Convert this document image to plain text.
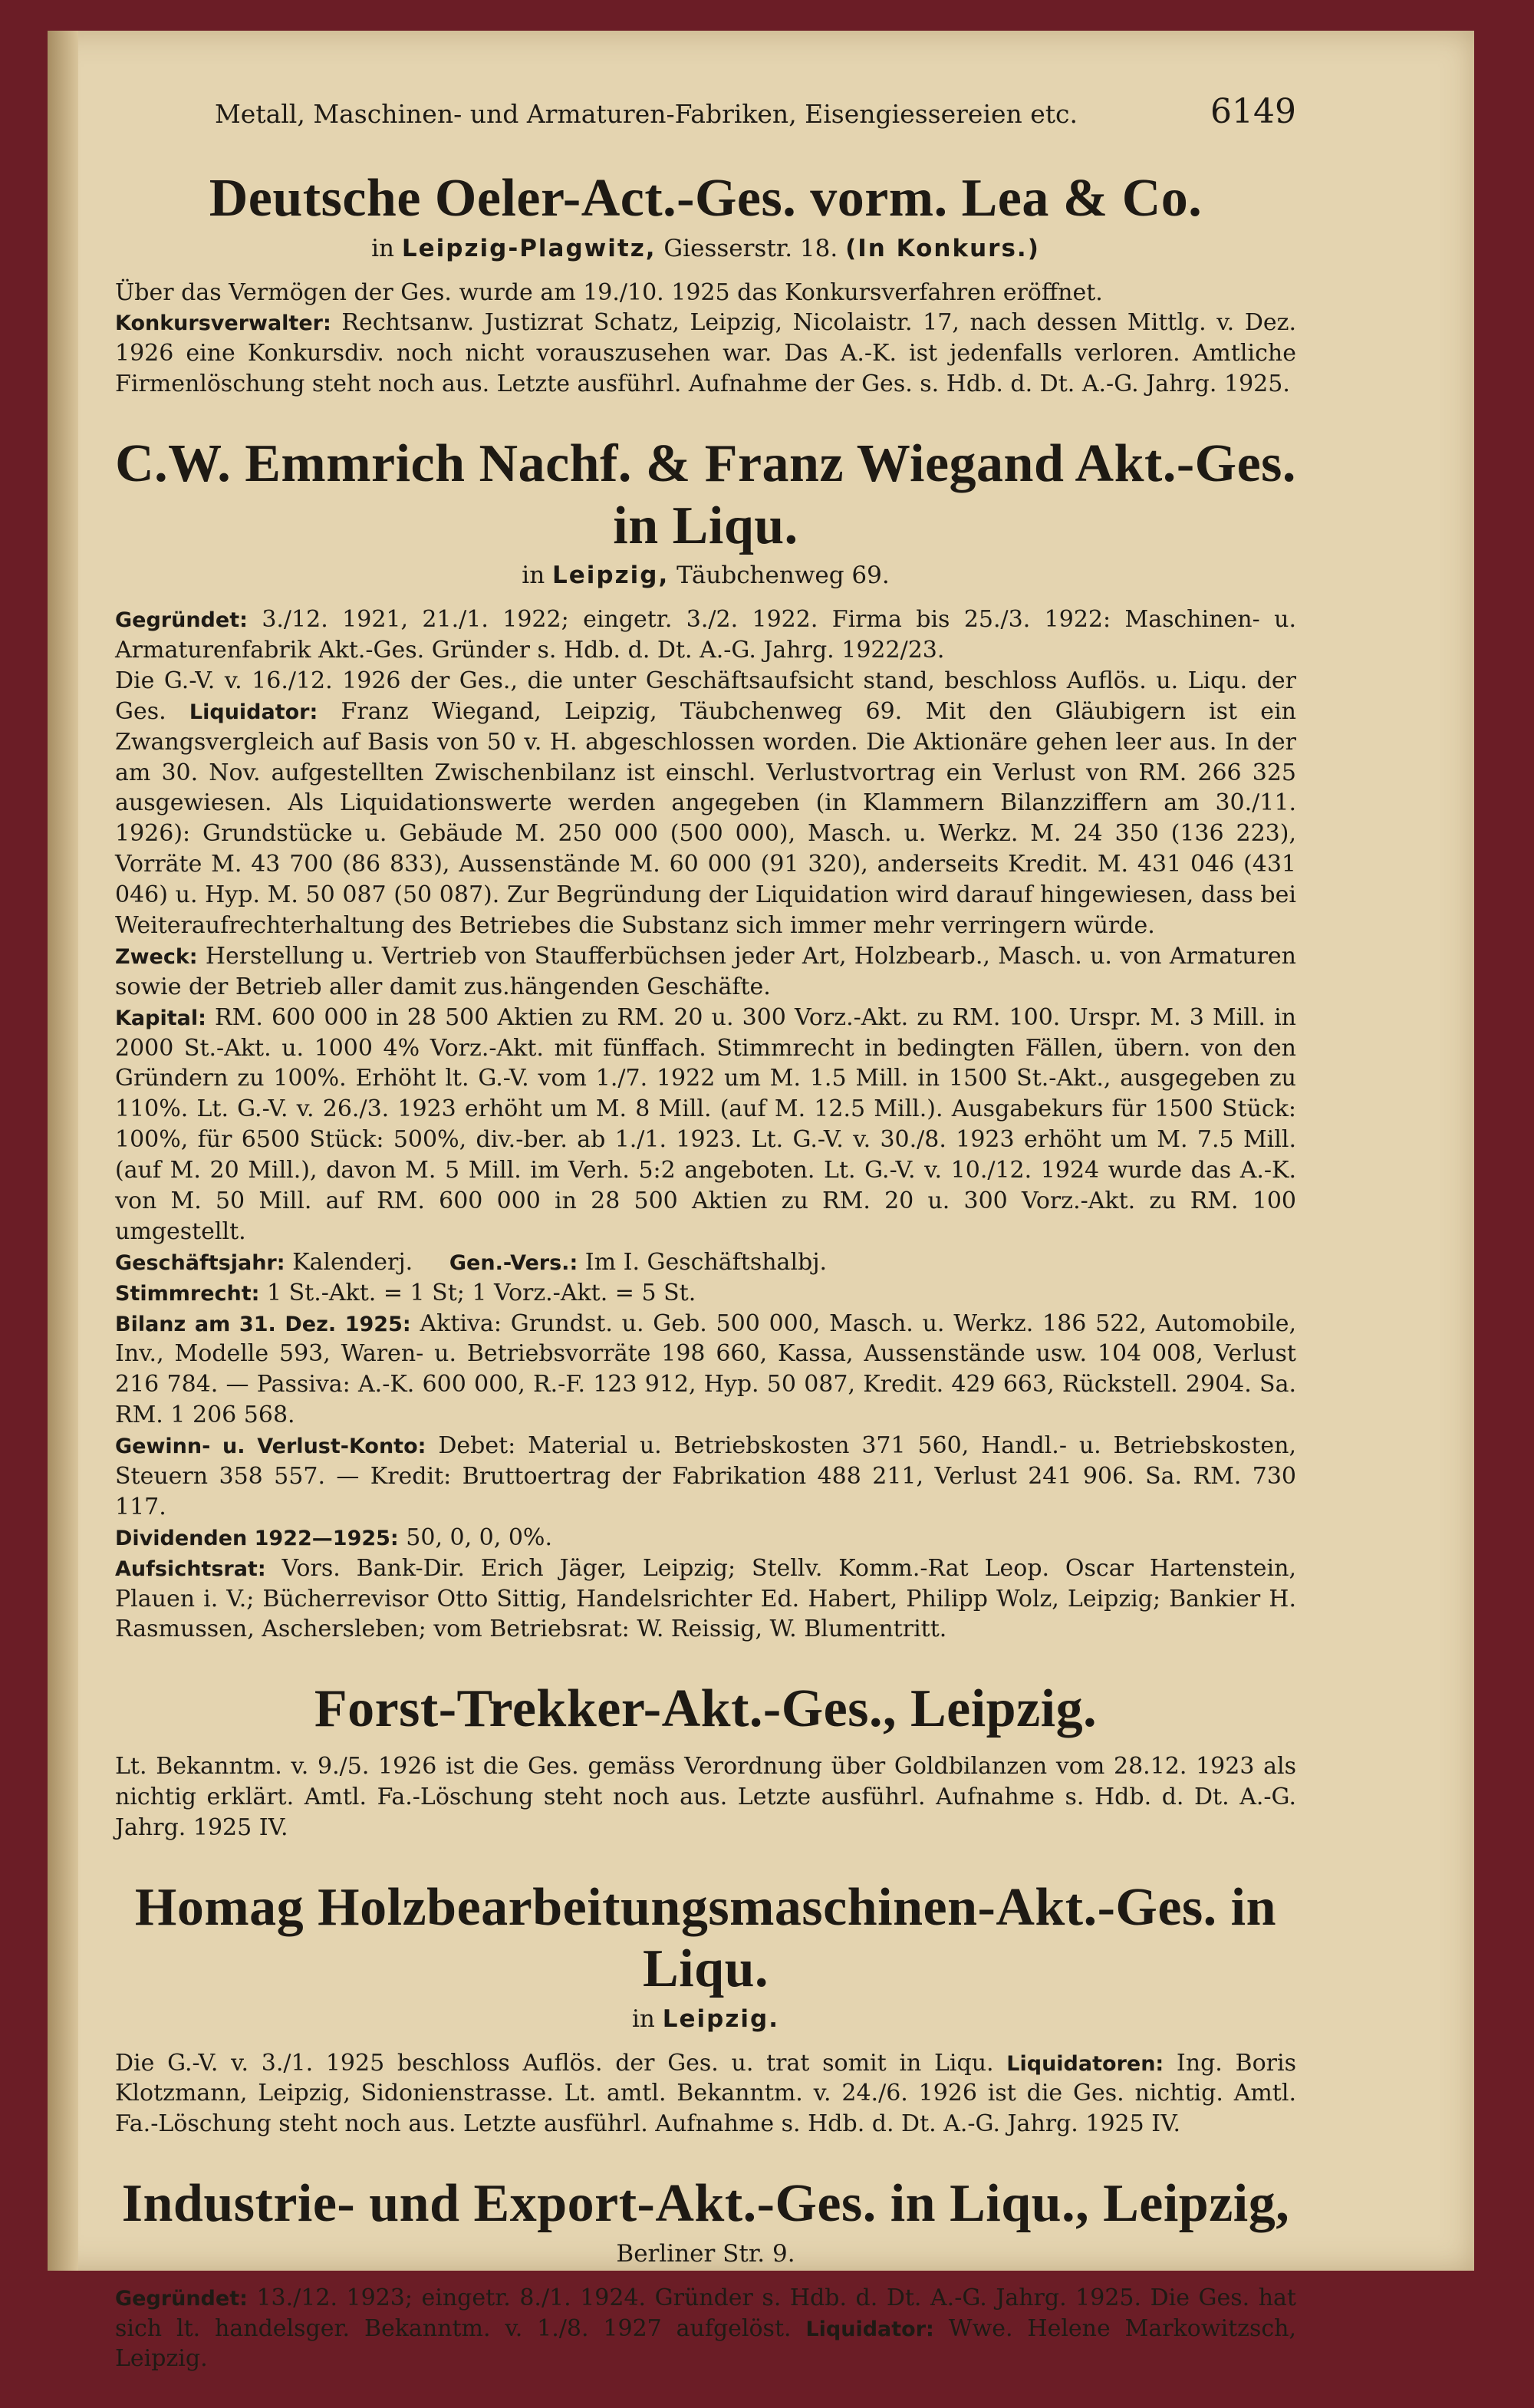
Metall, Maschinen- und Armaturen-Fabriken, Eisengiessereien etc.	6149
Deutsche Oeler-Act.-Ges. vorm. Lea & Co.
in Leipzig-Plagwitz, Giesserstr. 18. (In Konkurs.)

Über das Vermögen der Ges. wurde am 19./10. 1925 das Konkursverfahren eröffnet.

Konkursverwalter: Rechtsanw. Justizrat Schatz, Leipzig, Nicolaistr. 17, nach dessen Mittlg. v. Dez. 1926 eine Konkursdiv. noch nicht vorauszusehen war. Das A.-K. ist jedenfalls verloren. Amtliche Firmenlöschung steht noch aus. Letzte ausführl. Aufnahme der Ges. s. Hdb. d. Dt. A.-G. Jahrg. 1925.

C.W. Emmrich Nachf. & Franz Wiegand Akt.-Ges. in Liqu.
in Leipzig, Täubchenweg 69.

Gegründet: 3./12. 1921, 21./1. 1922; eingetr. 3./2. 1922. Firma bis 25./3. 1922: Maschinen- u. Armaturenfabrik Akt.-Ges. Gründer s. Hdb. d. Dt. A.-G. Jahrg. 1922/23.

Die G.-V. v. 16./12. 1926 der Ges., die unter Geschäftsaufsicht stand, beschloss Auflös. u. Liqu. der Ges. Liquidator: Franz Wiegand, Leipzig, Täubchenweg 69. Mit den Gläubigern ist ein Zwangsvergleich auf Basis von 50 v. H. abgeschlossen worden. Die Aktionäre gehen leer aus. In der am 30. Nov. aufgestellten Zwischenbilanz ist einschl. Verlustvortrag ein Verlust von RM. 266 325 ausgewiesen. Als Liquidationswerte werden angegeben (in Klammern Bilanzziffern am 30./11. 1926): Grundstücke u. Gebäude M. 250 000 (500 000), Masch. u. Werkz. M. 24 350 (136 223), Vorräte M. 43 700 (86 833), Aussenstände M. 60 000 (91 320), anderseits Kredit. M. 431 046 (431 046) u. Hyp. M. 50 087 (50 087). Zur Begründung der Liquidation wird darauf hingewiesen, dass bei Weiteraufrechterhaltung des Betriebes die Substanz sich immer mehr verringern würde.

Zweck: Herstellung u. Vertrieb von Staufferbüchsen jeder Art, Holzbearb., Masch. u. von Armaturen sowie der Betrieb aller damit zus.hängenden Geschäfte.

Kapital: RM. 600 000 in 28 500 Aktien zu RM. 20 u. 300 Vorz.-Akt. zu RM. 100. Urspr. M. 3 Mill. in 2000 St.-Akt. u. 1000 4% Vorz.-Akt. mit fünffach. Stimmrecht in bedingten Fällen, übern. von den Gründern zu 100%. Erhöht lt. G.-V. vom 1./7. 1922 um M. 1.5 Mill. in 1500 St.-Akt., ausgegeben zu 110%. Lt. G.-V. v. 26./3. 1923 erhöht um M. 8 Mill. (auf M. 12.5 Mill.). Ausgabekurs für 1500 Stück: 100%, für 6500 Stück: 500%, div.-ber. ab 1./1. 1923. Lt. G.-V. v. 30./8. 1923 erhöht um M. 7.5 Mill. (auf M. 20 Mill.), davon M. 5 Mill. im Verh. 5:2 angeboten. Lt. G.-V. v. 10./12. 1924 wurde das A.-K. von M. 50 Mill. auf RM. 600 000 in 28 500 Aktien zu RM. 20 u. 300 Vorz.-Akt. zu RM. 100 umgestellt.

Geschäftsjahr: Kalenderj. Gen.-Vers.: Im I. Geschäftshalbj.

Stimmrecht: 1 St.-Akt. = 1 St; 1 Vorz.-Akt. = 5 St.

Bilanz am 31. Dez. 1925: Aktiva: Grundst. u. Geb. 500 000, Masch. u. Werkz. 186 522, Automobile, Inv., Modelle 593, Waren- u. Betriebsvorräte 198 660, Kassa, Aussenstände usw. 104 008, Verlust 216 784. — Passiva: A.-K. 600 000, R.-F. 123 912, Hyp. 50 087, Kredit. 429 663, Rückstell. 2904. Sa. RM. 1 206 568.

Gewinn- u. Verlust-Konto: Debet: Material u. Betriebskosten 371 560, Handl.- u. Betriebskosten, Steuern 358 557. — Kredit: Bruttoertrag der Fabrikation 488 211, Verlust 241 906. Sa. RM. 730 117.

Dividenden 1922—1925: 50, 0, 0, 0%.

Aufsichtsrat: Vors. Bank-Dir. Erich Jäger, Leipzig; Stellv. Komm.-Rat Leop. Oscar Hartenstein, Plauen i. V.; Bücherrevisor Otto Sittig, Handelsrichter Ed. Habert, Philipp Wolz, Leipzig; Bankier H. Rasmussen, Aschersleben; vom Betriebsrat: W. Reissig, W. Blumentritt.

Forst-Trekker-Akt.-Ges., Leipzig.

Lt. Bekanntm. v. 9./5. 1926 ist die Ges. gemäss Verordnung über Goldbilanzen vom 28.12. 1923 als nichtig erklärt. Amtl. Fa.-Löschung steht noch aus. Letzte ausführl. Aufnahme s. Hdb. d. Dt. A.-G. Jahrg. 1925 IV.

Homag Holzbearbeitungsmaschinen-Akt.-Ges. in Liqu.
in Leipzig.

Die G.-V. v. 3./1. 1925 beschloss Auflös. der Ges. u. trat somit in Liqu. Liquidatoren: Ing. Boris Klotzmann, Leipzig, Sidonienstrasse. Lt. amtl. Bekanntm. v. 24./6. 1926 ist die Ges. nichtig. Amtl. Fa.-Löschung steht noch aus. Letzte ausführl. Aufnahme s. Hdb. d. Dt. A.-G. Jahrg. 1925 IV.

Industrie- und Export-Akt.-Ges. in Liqu., Leipzig,
Berliner Str. 9.

Gegründet: 13./12. 1923; eingetr. 8./1. 1924. Gründer s. Hdb. d. Dt. A.-G. Jahrg. 1925. Die Ges. hat sich lt. handelsger. Bekanntm. v. 1./8. 1927 aufgelöst. Liquidator: Wwe. Helene Markowitzsch, Leipzig.
